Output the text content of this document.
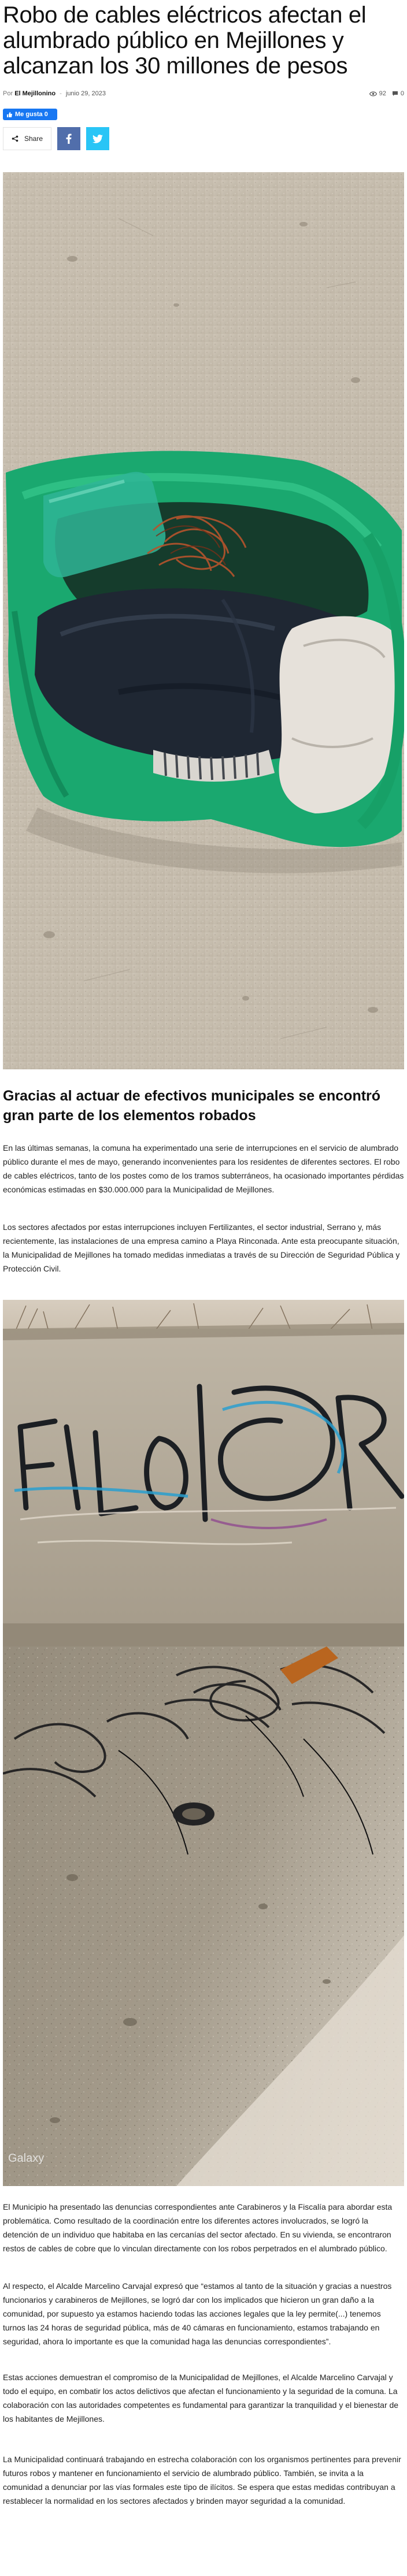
Robo de cables eléctricos afectan el alumbrado público en Mejillones y alcanzan los 30 millones de pesos
Por El Mejillonino - junio 29, 2023	92 0
Me gusta 0
Share
Gracias al actuar de efectivos municipales se encontró gran parte de los elementos robados

En las últimas semanas, la comuna ha experimentado una serie de interrupciones en el servicio de alumbrado público durante el mes de mayo, generando inconvenientes para los residentes de diferentes sectores. El robo de cables eléctricos, tanto de los postes como de los tramos subterráneos, ha ocasionado importantes pérdidas económicas estimadas en $30.000.000 para la Municipalidad de Mejillones.

Los sectores afectados por estas interrupciones incluyen Fertilizantes, el sector industrial, Serrano y, más recientemente, las instalaciones de una empresa camino a Playa Rinconada. Ante esta preocupante situación, la Municipalidad de Mejillones ha tomado medidas inmediatas a través de su Dirección de Seguridad Pública y Protección Civil.

Galaxy

El Municipio ha presentado las denuncias correspondientes ante Carabineros y la Fiscalía para abordar esta problemática. Como resultado de la coordinación entre los diferentes actores involucrados, se logró la detención de un individuo que habitaba en las cercanías del sector afectado. En su vivienda, se encontraron restos de cables de cobre que lo vinculan directamente con los robos perpetrados en el alumbrado público.

Al respecto, el Alcalde Marcelino Carvajal expresó que “estamos al tanto de la situación y gracias a nuestros funcionarios y carabineros de Mejillones, se logró dar con los implicados que hicieron un gran daño a la comunidad, por supuesto ya estamos haciendo todas las acciones legales que la ley permite(...) tenemos turnos las 24 horas de seguridad pública, más de 40 cámaras en funcionamiento, estamos trabajando en seguridad, ahora lo importante es que la comunidad haga las denuncias correspondientes”.

Estas acciones demuestran el compromiso de la Municipalidad de Mejillones, el Alcalde Marcelino Carvajal y todo el equipo, en combatir los actos delictivos que afectan el funcionamiento y la seguridad de la comuna. La colaboración con las autoridades competentes es fundamental para garantizar la tranquilidad y el bienestar de los habitantes de Mejillones.

La Municipalidad continuará trabajando en estrecha colaboración con los organismos pertinentes para prevenir futuros robos y mantener en funcionamiento el servicio de alumbrado público. También, se invita a la comunidad a denunciar por las vías formales este tipo de ilícitos. Se espera que estas medidas contribuyan a restablecer la normalidad en los sectores afectados y brinden mayor seguridad a la comunidad.
